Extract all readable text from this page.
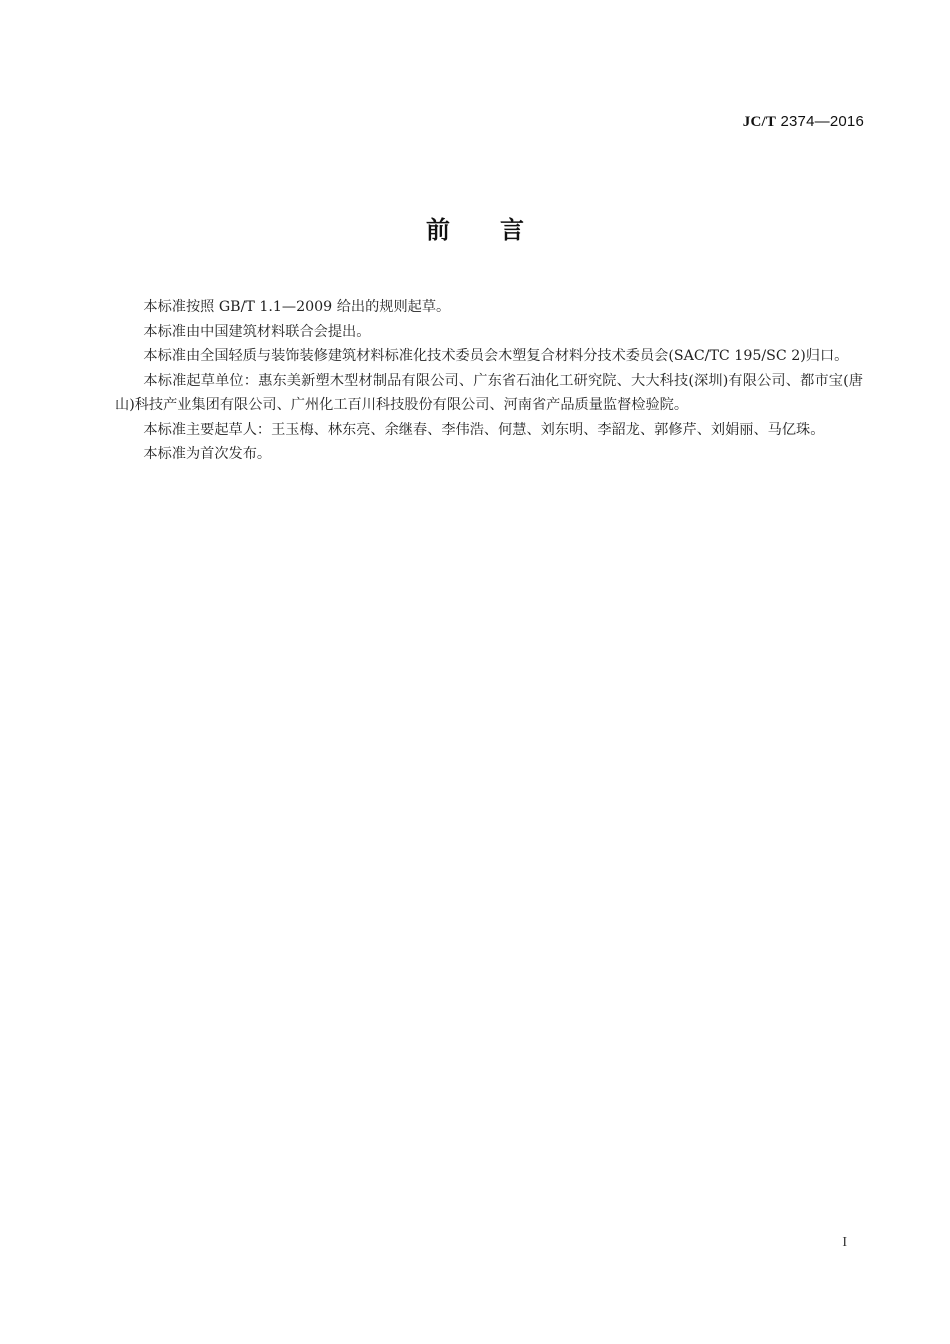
JC/T 2374—2016
前言

本标准按照 GB/T 1.1—2009 给出的规则起草。

本标准由中国建筑材料联合会提出。

本标准由全国轻质与装饰装修建筑材料标准化技术委员会木塑复合材料分技术委员会(SAC/TC 195/SC 2)归口。

本标准起草单位：惠东美新塑木型材制品有限公司、广东省石油化工研究院、大大科技(深圳)有限公司、都市宝(唐山)科技产业集团有限公司、广州化工百川科技股份有限公司、河南省产品质量监督检验院。

本标准主要起草人：王玉梅、林东亮、余继春、李伟浩、何慧、刘东明、李韶龙、郭修芹、刘娟丽、马亿珠。

本标准为首次发布。

I
